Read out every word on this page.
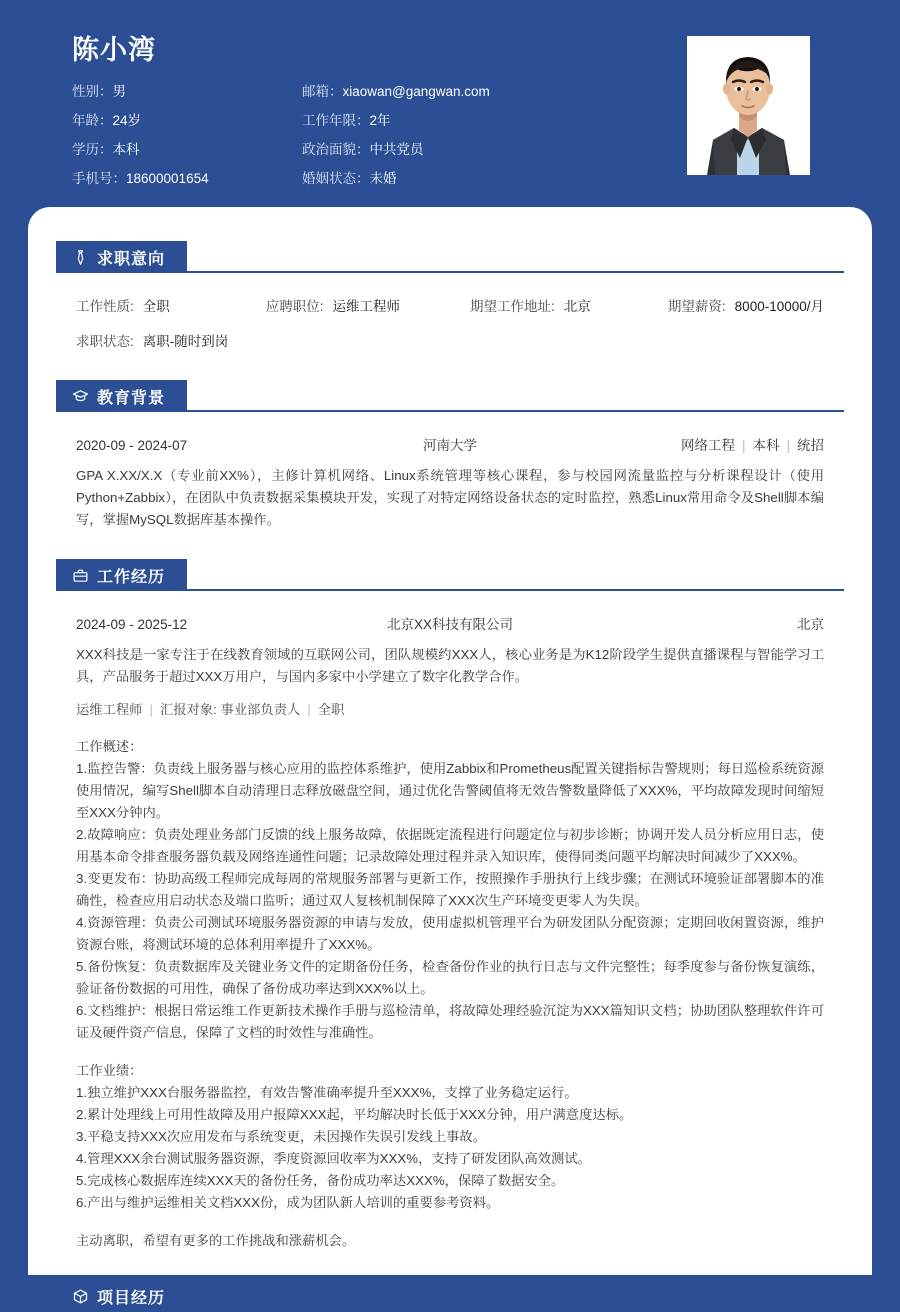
陈小湾
性别：男	邮箱：xiaowan@gangwan.com
年龄：24岁	工作年限：2年
学历：本科	政治面貌：中共党员
手机号：18600001654	婚姻状态：未婚
求职意向
工作性质: 全职	应聘职位: 运维工程师	期望工作地址: 北京	期望薪资: 8000-10000/月
求职状态: 离职-随时到岗
教育背景
2020-09 - 2024-07	河南大学	网络工程 | 本科 | 统招
GPA X.XX/X.X（专业前XX%），主修计算机网络、Linux系统管理等核心课程，参与校园网流量监控与分析课程设计（使用Python+Zabbix），在团队中负责数据采集模块开发，实现了对特定网络设备状态的定时监控，熟悉Linux常用命令及Shell脚本编写，掌握MySQL数据库基本操作。
工作经历
2024-09 - 2025-12	北京XX科技有限公司	北京
XXX科技是一家专注于在线教育领域的互联网公司，团队规模约XXX人，核心业务是为K12阶段学生提供直播课程与智能学习工具，产品服务于超过XXX万用户，与国内多家中小学建立了数字化教学合作。
运维工程师 | 汇报对象: 事业部负责人 | 全职
工作概述：
1.监控告警：负责线上服务器与核心应用的监控体系维护，使用Zabbix和Prometheus配置关键指标告警规则；每日巡检系统资源使用情况，编写Shell脚本自动清理日志释放磁盘空间，通过优化告警阈值将无效告警数量降低了XXX%，平均故障发现时间缩短至XXX分钟内。
2.故障响应：负责处理业务部门反馈的线上服务故障，依据既定流程进行问题定位与初步诊断；协调开发人员分析应用日志，使用基本命令排查服务器负载及网络连通性问题；记录故障处理过程并录入知识库，使得同类问题平均解决时间减少了XXX%。
3.变更发布：协助高级工程师完成每周的常规服务部署与更新工作，按照操作手册执行上线步骤；在测试环境验证部署脚本的准确性，检查应用启动状态及端口监听；通过双人复核机制保障了XXX次生产环境变更零人为失误。
4.资源管理：负责公司测试环境服务器资源的申请与发放，使用虚拟机管理平台为研发团队分配资源；定期回收闲置资源，维护资源台账，将测试环境的总体利用率提升了XXX%。
5.备份恢复：负责数据库及关键业务文件的定期备份任务，检查备份作业的执行日志与文件完整性；每季度参与备份恢复演练，验证备份数据的可用性，确保了备份成功率达到XXX%以上。
6.文档维护：根据日常运维工作更新技术操作手册与巡检清单，将故障处理经验沉淀为XXX篇知识文档；协助团队整理软件许可证及硬件资产信息，保障了文档的时效性与准确性。
工作业绩：
1.独立维护XXX台服务器监控，有效告警准确率提升至XXX%，支撑了业务稳定运行。
2.累计处理线上可用性故障及用户报障XXX起，平均解决时长低于XXX分钟，用户满意度达标。
3.平稳支持XXX次应用发布与系统变更，未因操作失误引发线上事故。
4.管理XXX余台测试服务器资源，季度资源回收率为XXX%，支持了研发团队高效测试。
5.完成核心数据库连续XXX天的备份任务，备份成功率达XXX%，保障了数据安全。
6.产出与维护运维相关文档XXX份，成为团队新人培训的重要参考资料。
主动离职，希望有更多的工作挑战和涨薪机会。
项目经历
